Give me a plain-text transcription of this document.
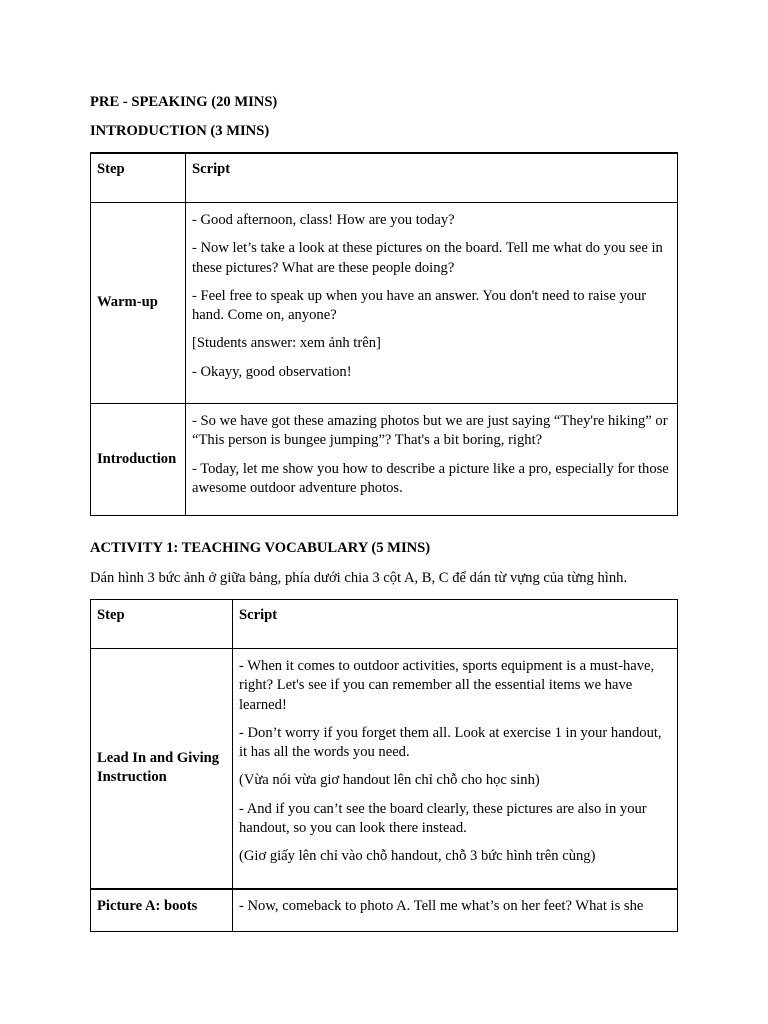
PRE - SPEAKING (20 MINS)

INTRODUCTION (3 MINS)

Step	Script
Warm-up	- Good afternoon, class! How are you today?

- Now let’s take a look at these pictures on the board. Tell me what do you see in these pictures? What are these people doing?

- Feel free to speak up when you have an answer. You don't need to raise your hand. Come on, anyone?

[Students answer: xem ảnh trên]

- Okayy, good observation!

Introduction	- So we have got these amazing photos but we are just saying “They're hiking” or “This person is bungee jumping”? That's a bit boring, right?

- Today, let me show you how to describe a picture like a pro, especially for those awesome outdoor adventure photos.

ACTIVITY 1: TEACHING VOCABULARY (5 MINS)

Dán hình 3 bức ảnh ở giữa bảng, phía dưới chia 3 cột A, B, C để dán từ vựng của từng hình.

Step	Script
Lead In and Giving Instruction	- When it comes to outdoor activities, sports equipment is a must-have, right? Let's see if you can remember all the essential items we have learned!

- Don’t worry if you forget them all. Look at exercise 1 in your handout, it has all the words you need.

(Vừa nói vừa giơ handout lên chỉ chỗ cho học sinh)

- And if you can’t see the board clearly, these pictures are also in your handout, so you can look there instead.

(Giơ giấy lên chỉ vào chỗ handout, chỗ 3 bức hình trên cùng)

Picture A: boots	- Now, comeback to photo A. Tell me what’s on her feet? What is she
